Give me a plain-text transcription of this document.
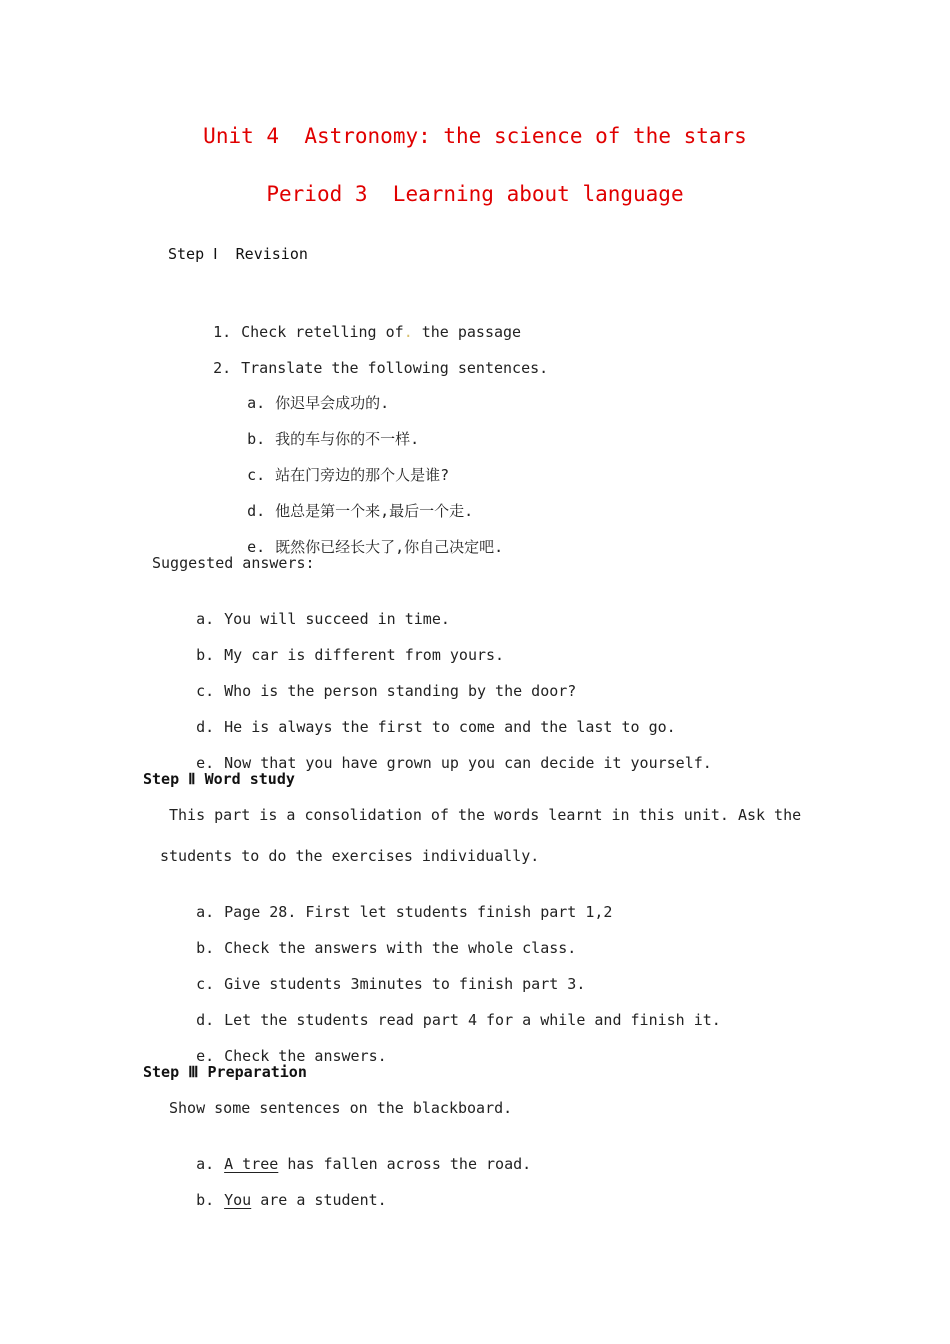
Unit 4  Astronomy: the science of the stars
Period 3  Learning about language
Step Ⅰ  Revision

1. Check retelling of. the passage

2. Translate the following sentences.

a. 你迟早会成功的.

b. 我的车与你的不一样.

c. 站在门旁边的那个人是谁?

d. 他总是第一个来,最后一个走.

e. 既然你已经长大了,你自己决定吧.

Suggested answers:

a. You will succeed in time.

b. My car is different from yours.

c. Who is the person standing by the door?

d. He is always the first to come and the last to go.

e. Now that you have grown up you can decide it yourself.

Step Ⅱ Word study
This part is a consolidation of the words learnt in this unit. Ask the
students to do the exercises individually.

a. Page 28. First let students finish part 1,2

b. Check the answers with the whole class.

c. Give students 3minutes to finish part 3.

d. Let the students read part 4 for a while and finish it.

e. Check the answers.

Step Ⅲ Preparation
Show some sentences on the blackboard.

a. A tree has fallen across the road.

b. You are a student.
